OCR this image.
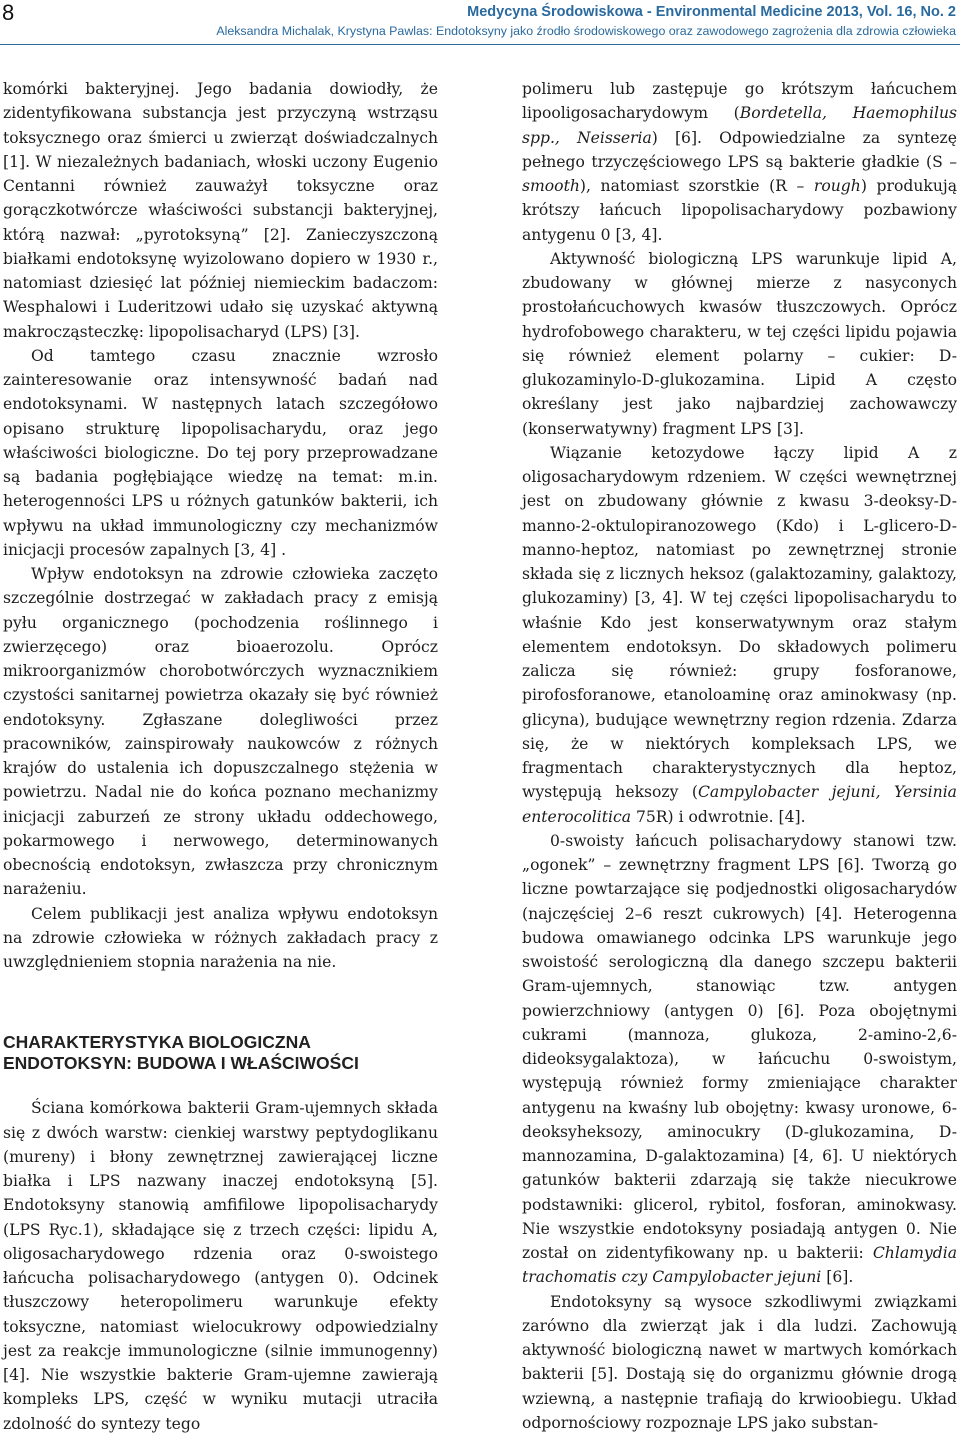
8	Medycyna Środowiskowa - Environmental Medicine 2013, Vol. 16, No. 2
Aleksandra Michalak, Krystyna Pawlas: Endotoksyny jako źrodło środowiskowego oraz zawodowego zagrożenia dla zdrowia człowieka

komórki bakteryjnej. Jego badania dowiodły, że zidentyfikowana substancja jest przyczyną wstrząsu toksycznego oraz śmierci u zwierząt doświadczalnych [1]. W niezależnych badaniach, włoski uczony Eugenio Centanni również zauważył toksyczne oraz gorączkotwórcze właściwości substancji bakteryjnej, którą nazwał: „pyrotoksyną” [2]. Zanieczyszczoną białkami endotoksynę wyizolowano dopiero w 1930 r., natomiast dziesięć lat później niemieckim badaczom: Wesphalowi i Luderitzowi udało się uzyskać aktywną makrocząsteczkę: lipopolisacharyd (LPS) [3].

Od tamtego czasu znacznie wzrosło zainteresowanie oraz intensywność badań nad endotoksynami. W następnych latach szczegółowo opisano strukturę lipopolisacharydu, oraz jego właściwości biologiczne. Do tej pory przeprowadzane są badania pogłębiające wiedzę na temat: m.in. heterogenności LPS u różnych gatunków bakterii, ich wpływu na układ immunologiczny czy mechanizmów inicjacji procesów zapalnych [3, 4] .

Wpływ endotoksyn na zdrowie człowieka zaczęto szczególnie dostrzegać w zakładach pracy z emisją pyłu organicznego (pochodzenia roślinnego i zwierzęcego) oraz bioaerozolu. Oprócz mikroorganizmów chorobotwórczych wyznacznikiem czystości sanitarnej powietrza okazały się być również endotoksyny. Zgłaszane dolegliwości przez pracowników, zainspirowały naukowców z różnych krajów do ustalenia ich dopuszczalnego stężenia w powietrzu. Nadal nie do końca poznano mechanizmy inicjacji zaburzeń ze strony układu oddechowego, pokarmowego i nerwowego, determinowanych obecnością endotoksyn, zwłaszcza przy chronicznym narażeniu.

Celem publikacji jest analiza wpływu endotoksyn na zdrowie człowieka w różnych zakładach pracy z uwzględnieniem stopnia narażenia na nie.

CHARAKTERYSTYKA BIOLOGICZNA ENDOTOKSYN: BUDOWA I WŁAŚCIWOŚCI

Ściana komórkowa bakterii Gram-ujemnych składa się z dwóch warstw: cienkiej warstwy peptydoglikanu (mureny) i błony zewnętrznej zawierającej liczne białka i LPS nazwany inaczej endotoksyną [5]. Endotoksyny stanowią amfifilowe lipopolisacharydy (LPS Ryc.1), składające się z trzech części: lipidu A, oligosacharydowego rdzenia oraz 0-swoistego łańcucha polisacharydowego (antygen 0). Odcinek tłuszczowy heteropolimeru warunkuje efekty toksyczne, natomiast wielocukrowy odpowiedzialny jest za reakcje immunologiczne (silnie immunogenny) [4]. Nie wszystkie bakterie Gram-ujemne zawierają kompleks LPS, część w wyniku mutacji utraciła zdolność do syntezy tego

polimeru lub zastępuje go krótszym łańcuchem lipooligosacharydowym (Bordetella, Haemophilus spp., Neisseria) [6]. Odpowiedzialne za syntezę pełnego trzyczęściowego LPS są bakterie gładkie (S – smooth), natomiast szorstkie (R – rough) produkują krótszy łańcuch lipopolisacharydowy pozbawiony antygenu 0 [3, 4].

Aktywność biologiczną LPS warunkuje lipid A, zbudowany w głównej mierze z nasyconych prostołańcuchowych kwasów tłuszczowych. Oprócz hydrofobowego charakteru, w tej części lipidu pojawia się również element polarny – cukier: D-glukozaminylo-D-glukozamina. Lipid A często określany jest jako najbardziej zachowawczy (konserwatywny) fragment LPS [3].

Wiązanie ketozydowe łączy lipid A z oligosacharydowym rdzeniem. W części wewnętrznej jest on zbudowany głównie z kwasu 3-deoksy-D-manno-2-oktulopiranozowego (Kdo) i L-glicero-D-manno-heptoz, natomiast po zewnętrznej stronie składa się z licznych heksoz (galaktozaminy, galaktozy, glukozaminy) [3, 4]. W tej części lipopolisacharydu to właśnie Kdo jest konserwatywnym oraz stałym elementem endotoksyn. Do składowych polimeru zalicza się również: grupy fosforanowe, pirofosforanowe, etanoloaminę oraz aminokwasy (np. glicyna), budujące wewnętrzny region rdzenia. Zdarza się, że w niektórych kompleksach LPS, we fragmentach charakterystycznych dla heptoz, występują heksozy (Campylobacter jejuni, Yersinia enterocolitica 75R) i odwrotnie. [4].

0-swoisty łańcuch polisacharydowy stanowi tzw. „ogonek” – zewnętrzny fragment LPS [6]. Tworzą go liczne powtarzające się podjednostki oligosacharydów (najczęściej 2–6 reszt cukrowych) [4]. Heterogenna budowa omawianego odcinka LPS warunkuje jego swoistość serologiczną dla danego szczepu bakterii Gram-ujemnych, stanowiąc tzw. antygen powierzchniowy (antygen 0) [6]. Poza obojętnymi cukrami (mannoza, glukoza, 2-amino-2,6-dideoksygalaktoza), w łańcuchu 0-swoistym, występują również formy zmieniające charakter antygenu na kwaśny lub obojętny: kwasy uronowe, 6-deoksyheksozy, aminocukry (D-glukozamina, D-mannozamina, D-galaktozamina) [4, 6]. U niektórych gatunków bakterii zdarzają się także niecukrowe podstawniki: glicerol, rybitol, fosforan, aminokwasy. Nie wszystkie endotoksyny posiadają antygen 0. Nie został on zidentyfikowany np. u bakterii: Chlamydia trachomatis czy Campylobacter jejuni [6].

Endotoksyny są wysoce szkodliwymi związkami zarówno dla zwierząt jak i dla ludzi. Zachowują aktywność biologiczną nawet w martwych komórkach bakterii [5]. Dostają się do organizmu głównie drogą wziewną, a następnie trafiają do krwioobiegu. Układ odpornościowy rozpoznaje LPS jako substan-
